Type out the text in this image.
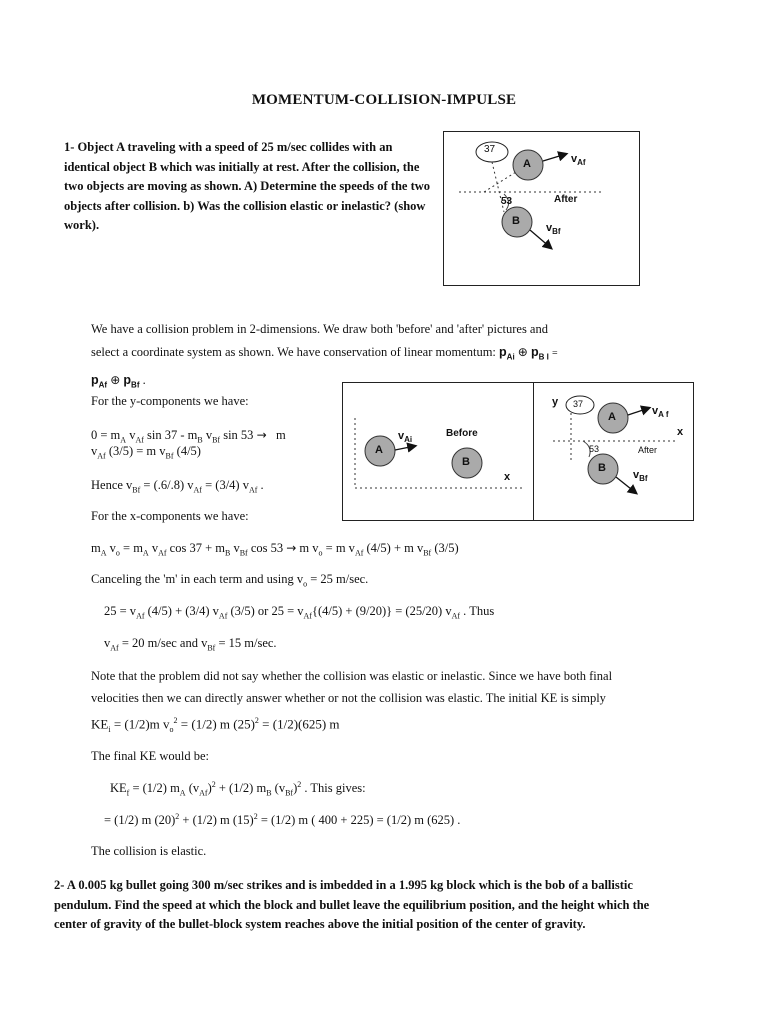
MOMENTUM-COLLISION-IMPULSE
1- Object A traveling with a speed of 25 m/sec collides with an identical object B which was initially at rest. After the collision, the two objects are moving as shown. A) Determine the speeds of the two objects after collision. b) Was the collision elastic or inelastic? (show work).
37
A	$v_{Af}$
53	After
B
$v_{Bf}$
We have a collision problem in 2-dimensions. We draw both 'before' and 'after' pictures and
select a coordinate system as shown. We have conservation of linear momentum: $p_{Ai}$ ⊕ $p_{B I}$ =
$p_{Af}$ ⊕ $p_{Bf}$ .
$v_{Ai}$
Before
A
B
x
y 37
A	$v_{A f}$
x
53	After
B
$v_{Bf}$
For the y-components we have:
$0 = m_A$ $v_{Af}$ $\sin 37 - m_B$ $v_{Bf}$ sin 53 → m
$v_{Af}$ (3/5) = m $v_{Bf}$ (4/5)
Hence $v_{Bf} = (.6/.8) v_{Af} = (3/4)$ $v_{Af}$ .
For the x-components we have:
$m_A$ $v_o = m_A$ $v_{Af}$ $\cos 37 + m_B$ $v_{Bf}$ cos 53 → m $v_o = m$ $v_{Af}$ (4/5) + m $v_{Bf}$ (3/5)
Canceling the 'm' in each term and using $v_o = 25$ m/sec.
$25 = v_{Af}$ (4/5) + (3/4) $v_{Af}$ (3/5) or $25 = v_{Af}\{(4/5) + (9/20)\} = (25/20)$ $v_{Af}$ . Thus
$v_{Af} = 20$ m/sec and $v_{Bf} = 15$ m/sec.
Note that the problem did not say whether the collision was elastic or inelastic. Since we have both final
velocities then we can directly answer whether or not the collision was elastic. The initial KE is simply
$KE_i = (1/2)m$ $v_o^2 = (1/2)$ m $(25)^2 = (1/2)(625)$ m
The final KE would be:
$KE_f = (1/2)$ $m_A$ $(v_{Af})^2 + (1/2)$ $m_B$ $(v_{Bf})^2$ . This gives:
= (1/2) m $(20)^2 + (1/2)$ m $(15)^2 = (1/2)$ m ( 400 + 225) = (1/2) m (625) .
The collision is elastic.
2- A 0.005 kg bullet going 300 m/sec strikes and is imbedded in a 1.995 kg block which is the bob of a ballistic pendulum. Find the speed at which the block and bullet leave the equilibrium position, and the height which the center of gravity of the bullet-block system reaches above the initial position of the center of gravity.
